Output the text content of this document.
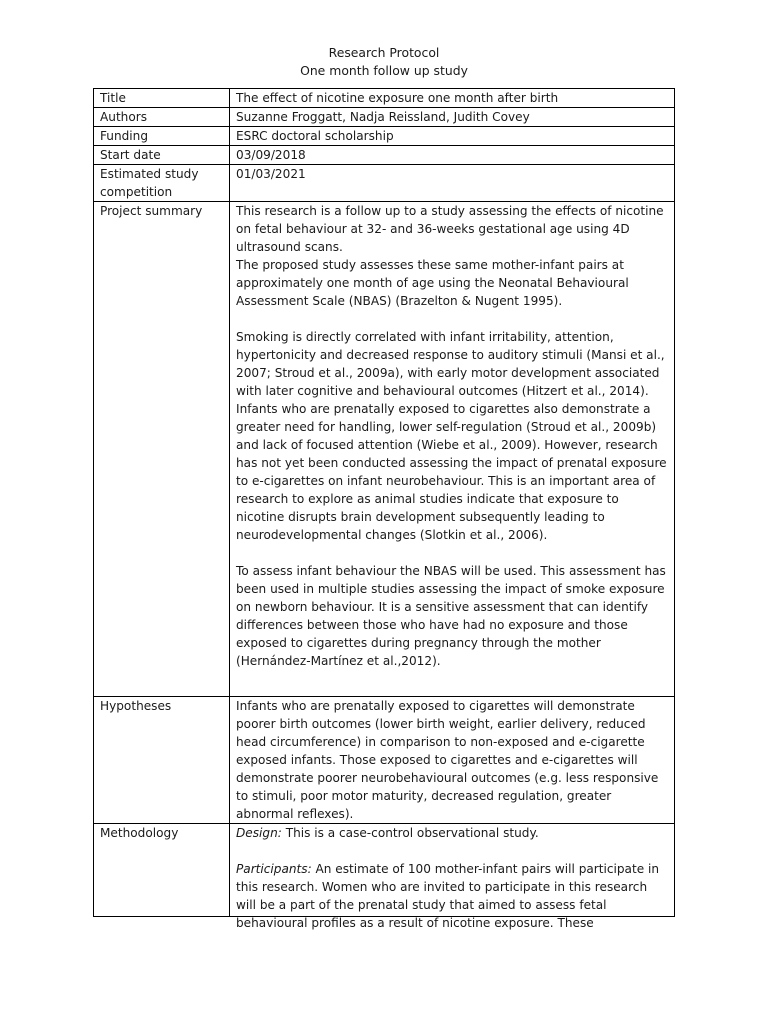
Research Protocol
One month follow up study
Title	The effect of nicotine exposure one month after birth
Authors	Suzanne Froggatt, Nadja Reissland, Judith Covey
Funding	ESRC doctoral scholarship
Start date	03/09/2018
Estimated study competition	01/03/2021
Project summary	This research is a follow up to a study assessing the effects of nicotine on fetal behaviour at 32- and 36-weeks gestational age using 4D ultrasound scans.

The proposed study assesses these same mother-infant pairs at approximately one month of age using the Neonatal Behavioural Assessment Scale (NBAS) (Brazelton & Nugent 1995).

Smoking is directly correlated with infant irritability, attention, hypertonicity and decreased response to auditory stimuli (Mansi et al., 2007; Stroud et al., 2009a), with early motor development associated with later cognitive and behavioural outcomes (Hitzert et al., 2014). Infants who are prenatally exposed to cigarettes also demonstrate a greater need for handling, lower self-regulation (Stroud et al., 2009b) and lack of focused attention (Wiebe et al., 2009). However, research has not yet been conducted assessing the impact of prenatal exposure to e-cigarettes on infant neurobehaviour. This is an important area of research to explore as animal studies indicate that exposure to nicotine disrupts brain development subsequently leading to neurodevelopmental changes (Slotkin et al., 2006).

To assess infant behaviour the NBAS will be used. This assessment has been used in multiple studies assessing the impact of smoke exposure on newborn behaviour. It is a sensitive assessment that can identify differences between those who have had no exposure and those exposed to cigarettes during pregnancy through the mother (Hernández-Martínez et al.,2012).

Hypotheses	Infants who are prenatally exposed to cigarettes will demonstrate poorer birth outcomes (lower birth weight, earlier delivery, reduced head circumference) in comparison to non-exposed and e-cigarette exposed infants. Those exposed to cigarettes and e-cigarettes will demonstrate poorer neurobehavioural outcomes (e.g. less responsive to stimuli, poor motor maturity, decreased regulation, greater abnormal reflexes).
Methodology	Design: This is a case-control observational study.

Participants: An estimate of 100 mother-infant pairs will participate in this research. Women who are invited to participate in this research will be a part of the prenatal study that aimed to assess fetal behavioural profiles as a result of nicotine exposure. These
